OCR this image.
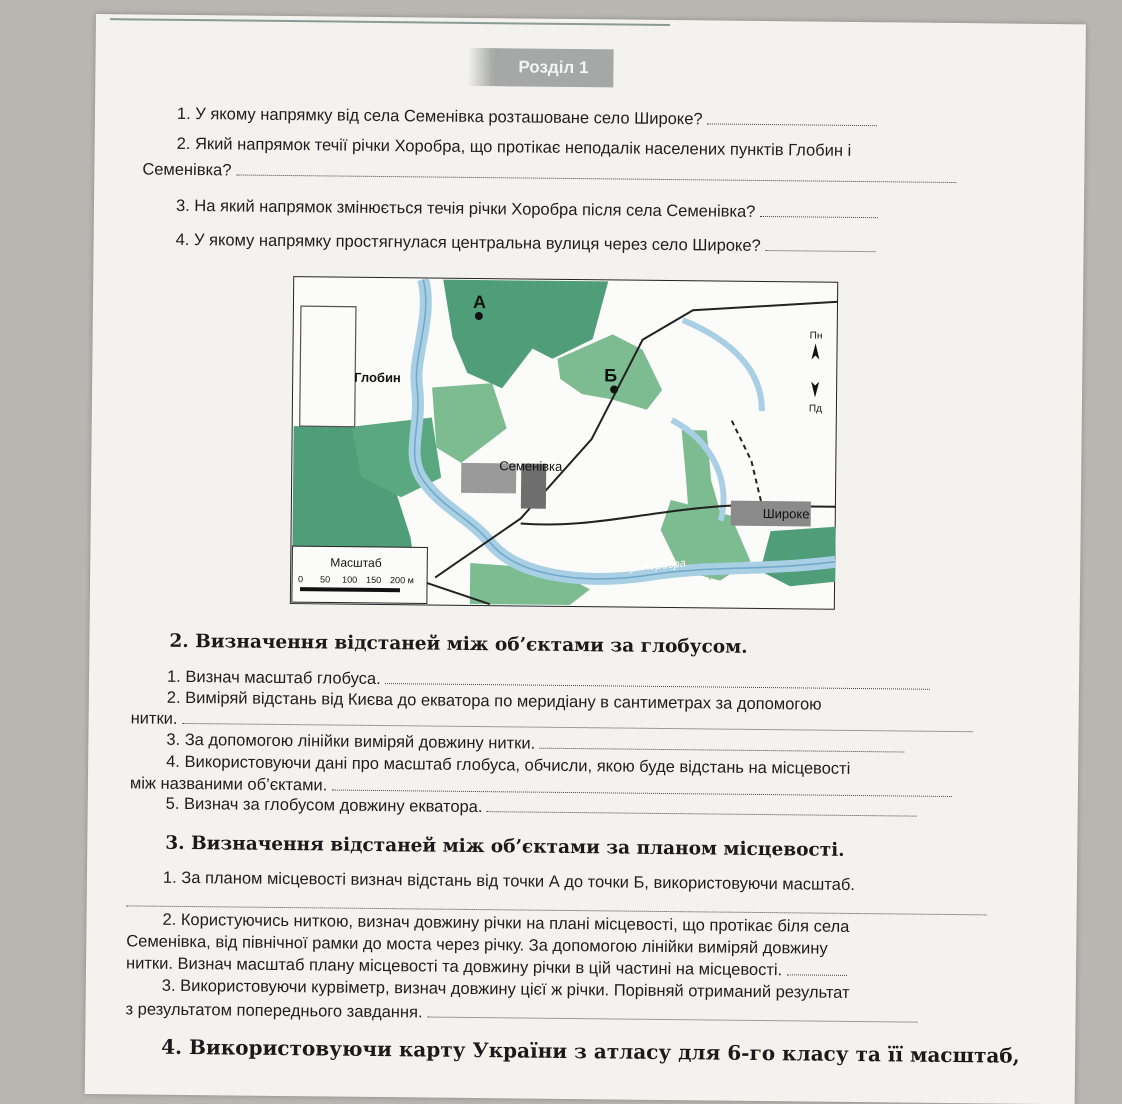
Розділ 1
1. У якому напрямку від села Семенівка розташоване село Широке?
2. Який напрямок течії річки Хоробра, що протікає неподалік населених пунктів Глобин і
Семенівка?
3. На який напрямок змінюється течія річки Хоробра після села Семенівка?
4. У якому напрямку простягнулася центральна вулиця через село Широке?
А
Б
Глобин
Семенівка
Широке
р. Хоробра
Пн
Пд
Масштаб
0 50 100 150 200 м
2. Визначення відстаней між об’єктами за глобусом.
1. Визнач масштаб глобуса.
2. Виміряй відстань від Києва до екватора по меридіану в сантиметрах за допомогою
нитки.
3. За допомогою лінійки виміряй довжину нитки.
4. Використовуючи дані про масштаб глобуса, обчисли, якою буде відстань на місцевості
між названими об’єктами.
5. Визнач за глобусом довжину екватора.
3. Визначення відстаней між об’єктами за планом місцевості.
1. За планом місцевості визнач відстань від точки А до точки Б, використовуючи масштаб.
2. Користуючись ниткою, визнач довжину річки на плані місцевості, що протікає біля села
Семенівка, від північної рамки до моста через річку. За допомогою лінійки виміряй довжину
нитки. Визнач масштаб плану місцевості та довжину річки в цій частині на місцевості.
3. Використовуючи курвіметр, визнач довжину цієї ж річки. Порівняй отриманий результат
з результатом попереднього завдання.
4. Використовуючи карту України з атласу для 6-го класу та її масштаб,
